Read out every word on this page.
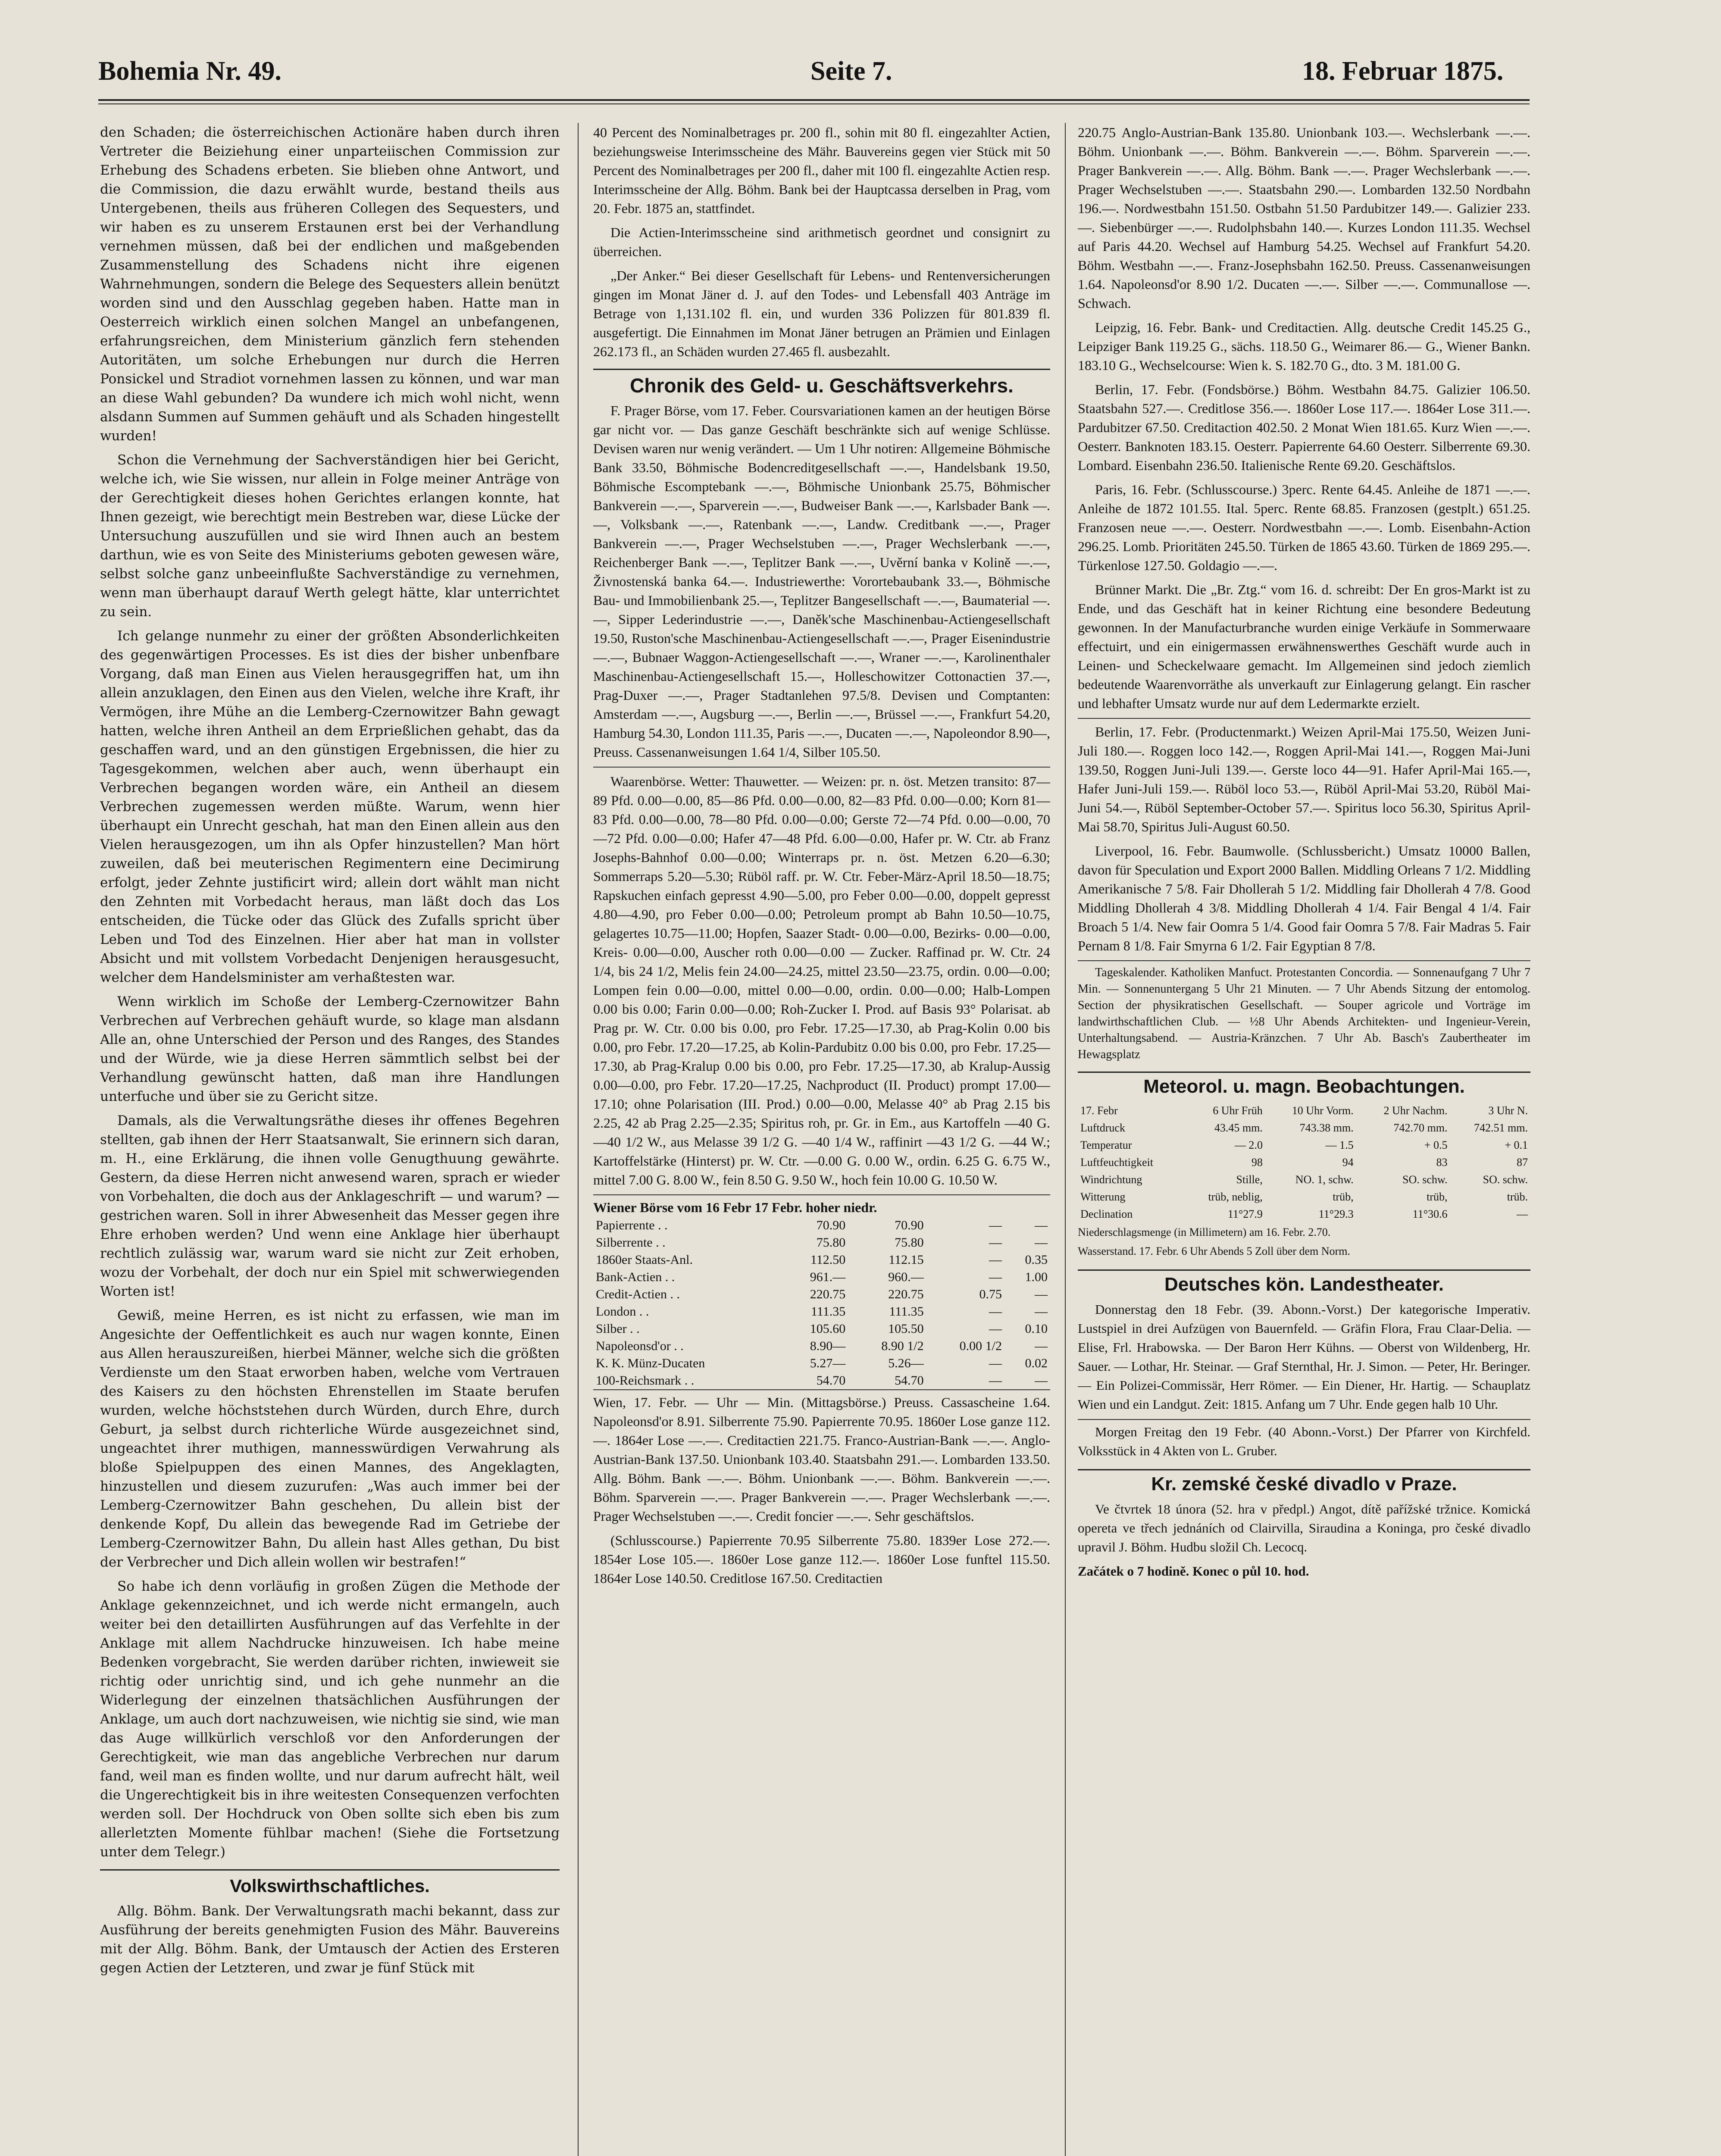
Bohemia Nr. 49.	Seite 7.	18. Februar 1875.

den Schaden; die österreichischen Actionäre haben durch ihren Vertreter die Beiziehung einer unparteiischen Commission zur Erhebung des Schadens erbeten. Sie blieben ohne Antwort, und die Commission, die dazu erwählt wurde, bestand theils aus Untergebenen, theils aus früheren Collegen des Sequesters, und wir haben es zu unserem Erstaunen erst bei der Verhandlung vernehmen müssen, daß bei der endlichen und maßgebenden Zusammenstellung des Schadens nicht ihre eigenen Wahrnehmungen, sondern die Belege des Sequesters allein benützt worden sind und den Ausschlag gegeben haben. Hatte man in Oesterreich wirklich einen solchen Mangel an unbefangenen, erfahrungsreichen, dem Ministerium gänzlich fern stehenden Autoritäten, um solche Erhebungen nur durch die Herren Ponsickel und Stradiot vornehmen lassen zu können, und war man an diese Wahl gebunden? Da wundere ich mich wohl nicht, wenn alsdann Summen auf Summen gehäuft und als Schaden hingestellt wurden!

Schon die Vernehmung der Sachverständigen hier bei Gericht, welche ich, wie Sie wissen, nur allein in Folge meiner Anträge von der Gerechtigkeit dieses hohen Gerichtes erlangen konnte, hat Ihnen gezeigt, wie berechtigt mein Bestreben war, diese Lücke der Untersuchung auszufüllen und sie wird Ihnen auch an bestem darthun, wie es von Seite des Ministeriums geboten gewesen wäre, selbst solche ganz unbeeinflußte Sachverständige zu vernehmen, wenn man überhaupt darauf Werth gelegt hätte, klar unterrichtet zu sein.

Ich gelange nunmehr zu einer der größten Absonderlichkeiten des gegenwärtigen Processes. Es ist dies der bisher unbenfbare Vorgang, daß man Einen aus Vielen herausgegriffen hat, um ihn allein anzuklagen, den Einen aus den Vielen, welche ihre Kraft, ihr Vermögen, ihre Mühe an die Lemberg-Czernowitzer Bahn gewagt hatten, welche ihren Antheil an dem Erprießlichen gehabt, das da geschaffen ward, und an den günstigen Ergebnissen, die hier zu Tagesgekommen, welchen aber auch, wenn überhaupt ein Verbrechen begangen worden wäre, ein Antheil an diesem Verbrechen zugemessen werden müßte. Warum, wenn hier überhaupt ein Unrecht geschah, hat man den Einen allein aus den Vielen herausgezogen, um ihn als Opfer hinzustellen? Man hört zuweilen, daß bei meuterischen Regimentern eine Decimirung erfolgt, jeder Zehnte justificirt wird; allein dort wählt man nicht den Zehnten mit Vorbedacht heraus, man läßt doch das Los entscheiden, die Tücke oder das Glück des Zufalls spricht über Leben und Tod des Einzelnen. Hier aber hat man in vollster Absicht und mit vollstem Vorbedacht Denjenigen herausgesucht, welcher dem Handelsminister am verhaßtesten war.

Wenn wirklich im Schoße der Lemberg-Czernowitzer Bahn Verbrechen auf Verbrechen gehäuft wurde, so klage man alsdann Alle an, ohne Unterschied der Person und des Ranges, des Standes und der Würde, wie ja diese Herren sämmtlich selbst bei der Verhandlung gewünscht hatten, daß man ihre Handlungen unterfuche und über sie zu Gericht sitze.

Damals, als die Verwaltungsräthe dieses ihr offenes Begehren stellten, gab ihnen der Herr Staatsanwalt, Sie erinnern sich daran, m. H., eine Erklärung, die ihnen volle Genugthuung gewährte. Gestern, da diese Herren nicht anwesend waren, sprach er wieder von Vorbehalten, die doch aus der Anklageschrift — und warum? — gestrichen waren. Soll in ihrer Abwesenheit das Messer gegen ihre Ehre erhoben werden? Und wenn eine Anklage hier überhaupt rechtlich zulässig war, warum ward sie nicht zur Zeit erhoben, wozu der Vorbehalt, der doch nur ein Spiel mit schwerwiegenden Worten ist!

Gewiß, meine Herren, es ist nicht zu erfassen, wie man im Angesichte der Oeffentlichkeit es auch nur wagen konnte, Einen aus Allen herauszureißen, hierbei Männer, welche sich die größten Verdienste um den Staat erworben haben, welche vom Vertrauen des Kaisers zu den höchsten Ehrenstellen im Staate berufen wurden, welche höchststehen durch Würden, durch Ehre, durch Geburt, ja selbst durch richterliche Würde ausgezeichnet sind, ungeachtet ihrer muthigen, mannesswürdigen Verwahrung als bloße Spielpuppen des einen Mannes, des Angeklagten, hinzustellen und diesem zuzurufen: „Was auch immer bei der Lemberg-Czernowitzer Bahn geschehen, Du allein bist der denkende Kopf, Du allein das bewegende Rad im Getriebe der Lemberg-Czernowitzer Bahn, Du allein hast Alles gethan, Du bist der Verbrecher und Dich allein wollen wir bestrafen!“

So habe ich denn vorläufig in großen Zügen die Methode der Anklage gekennzeichnet, und ich werde nicht ermangeln, auch weiter bei den detaillirten Ausführungen auf das Verfehlte in der Anklage mit allem Nachdrucke hinzuweisen. Ich habe meine Bedenken vorgebracht, Sie werden darüber richten, inwieweit sie richtig oder unrichtig sind, und ich gehe nunmehr an die Widerlegung der einzelnen thatsächlichen Ausführungen der Anklage, um auch dort nachzuweisen, wie nichtig sie sind, wie man das Auge willkürlich verschloß vor den Anforderungen der Gerechtigkeit, wie man das angebliche Verbrechen nur darum fand, weil man es finden wollte, und nur darum aufrecht hält, weil die Ungerechtigkeit bis in ihre weitesten Consequenzen verfochten werden soll. Der Hochdruck von Oben sollte sich eben bis zum allerletzten Momente fühlbar machen! (Siehe die Fortsetzung unter dem Telegr.)

Volkswirthschaftliches.

Allg. Böhm. Bank. Der Verwaltungsrath machi bekannt, dass zur Ausführung der bereits genehmigten Fusion des Mähr. Bauvereins mit der Allg. Böhm. Bank, der Umtausch der Actien des Ersteren gegen Actien der Letzteren, und zwar je fünf Stück mit

40 Percent des Nominalbetrages pr. 200 fl., sohin mit 80 fl. eingezahlter Actien, beziehungsweise Interimsscheine des Mähr. Bauvereins gegen vier Stück mit 50 Percent des Nominalbetrages per 200 fl., daher mit 100 fl. eingezahlte Actien resp. Interimsscheine der Allg. Böhm. Bank bei der Hauptcassa derselben in Prag, vom 20. Febr. 1875 an, stattfindet.

Die Actien-Interimsscheine sind arithmetisch geordnet und consignirt zu überreichen.

„Der Anker.“ Bei dieser Gesellschaft für Lebens- und Rentenversicherungen gingen im Monat Jäner d. J. auf den Todes- und Lebensfall 403 Anträge im Betrage von 1,131.102 fl. ein, und wurden 336 Polizzen für 801.839 fl. ausgefertigt. Die Einnahmen im Monat Jäner betrugen an Prämien und Einlagen 262.173 fl., an Schäden wurden 27.465 fl. ausbezahlt.

Chronik des Geld- u. Geschäftsverkehrs.

F. Prager Börse, vom 17. Feber. Coursvariationen kamen an der heutigen Börse gar nicht vor. — Das ganze Geschäft beschränkte sich auf wenige Schlüsse. Devisen waren nur wenig verändert. — Um 1 Uhr notiren: Allgemeine Böhmische Bank 33.50, Böhmische Bodencreditgesellschaft —.—, Handelsbank 19.50, Böhmische Escomptebank —.—, Böhmische Unionbank 25.75, Böhmischer Bankverein —.—, Sparverein —.—, Budweiser Bank —.—, Karlsbader Bank —.—, Volksbank —.—, Ratenbank —.—, Landw. Creditbank —.—, Prager Bankverein —.—, Prager Wechselstuben —.—, Prager Wechslerbank —.—, Reichenberger Bank —.—, Teplitzer Bank —.—, Uvěrní banka v Kolině —.—, Živnostenská banka 64.—. Industriewerthe: Vorortebaubank 33.—, Böhmische Bau- und Immobilienbank 25.—, Teplitzer Bangesellschaft —.—, Baumaterial —.—, Sipper Lederindustrie —.—, Daněk'sche Maschinenbau-Actiengesellschaft 19.50, Ruston'sche Maschinenbau-Actiengesellschaft —.—, Prager Eisenindustrie —.—, Bubnaer Waggon-Actiengesellschaft —.—, Wraner —.—, Karolinenthaler Maschinenbau-Actiengesellschaft 15.—, Holleschowitzer Cottonactien 37.—, Prag-Duxer —.—, Prager Stadtanlehen 97.5/8. Devisen und Comptanten: Amsterdam —.—, Augsburg —.—, Berlin —.—, Brüssel —.—, Frankfurt 54.20, Hamburg 54.30, London 111.35, Paris —.—, Ducaten —.—, Napoleondor 8.90—, Preuss. Cassenanweisungen 1.64 1/4, Silber 105.50.

Waarenbörse. Wetter: Thauwetter. — Weizen: pr. n. öst. Metzen transito: 87—89 Pfd. 0.00—0.00, 85—86 Pfd. 0.00—0.00, 82—83 Pfd. 0.00—0.00; Korn 81—83 Pfd. 0.00—0.00, 78—80 Pfd. 0.00—0.00; Gerste 72—74 Pfd. 0.00—0.00, 70—72 Pfd. 0.00—0.00; Hafer 47—48 Pfd. 6.00—0.00, Hafer pr. W. Ctr. ab Franz Josephs-Bahnhof 0.00—0.00; Winterraps pr. n. öst. Metzen 6.20—6.30; Sommerraps 5.20—5.30; Rüböl raff. pr. W. Ctr. Feber-März-April 18.50—18.75; Rapskuchen einfach gepresst 4.90—5.00, pro Feber 0.00—0.00, doppelt gepresst 4.80—4.90, pro Feber 0.00—0.00; Petroleum prompt ab Bahn 10.50—10.75, gelagertes 10.75—11.00; Hopfen, Saazer Stadt- 0.00—0.00, Bezirks- 0.00—0.00, Kreis- 0.00—0.00, Auscher roth 0.00—0.00 — Zucker. Raffinad pr. W. Ctr. 24 1/4, bis 24 1/2, Melis fein 24.00—24.25, mittel 23.50—23.75, ordin. 0.00—0.00; Lompen fein 0.00—0.00, mittel 0.00—0.00, ordin. 0.00—0.00; Halb-Lompen 0.00 bis 0.00; Farin 0.00—0.00; Roh-Zucker I. Prod. auf Basis 93° Polarisat. ab Prag pr. W. Ctr. 0.00 bis 0.00, pro Febr. 17.25—17.30, ab Prag-Kolin 0.00 bis 0.00, pro Febr. 17.20—17.25, ab Kolin-Pardubitz 0.00 bis 0.00, pro Febr. 17.25—17.30, ab Prag-Kralup 0.00 bis 0.00, pro Febr. 17.25—17.30, ab Kralup-Aussig 0.00—0.00, pro Febr. 17.20—17.25, Nachproduct (II. Product) prompt 17.00—17.10; ohne Polarisation (III. Prod.) 0.00—0.00, Melasse 40° ab Prag 2.15 bis 2.25, 42 ab Prag 2.25—2.35; Spiritus roh, pr. Gr. in Em., aus Kartoffeln —40 G. —40 1/2 W., aus Melasse 39 1/2 G. —40 1/4 W., raffinirt —43 1/2 G. —44 W.; Kartoffelstärke (Hinterst) pr. W. Ctr. —0.00 G. 0.00 W., ordin. 6.25 G. 6.75 W., mittel 7.00 G. 8.00 W., fein 8.50 G. 9.50 W., hoch fein 10.00 G. 10.50 W.

Wiener Börse vom 16 Febr 17 Febr. hoher niedr.
Papierrente . .	70.90	70.90	—	—
Silberrente . .	75.80	75.80	—	—
1860er Staats-Anl.	112.50	112.15	—	0.35
Bank-Actien . .	961.—	960.—	—	1.00
Credit-Actien . .	220.75	220.75	0.75	—
London . .	111.35	111.35	—	—
Silber . .	105.60	105.50	—	0.10
Napoleonsd'or . .	8.90—	8.90 1/2	0.00 1/2	—
K. K. Münz-Ducaten	5.27—	5.26—	—	0.02
100-Reichsmark . .	54.70	54.70	—	—

Wien, 17. Febr. — Uhr — Min. (Mittagsbörse.) Preuss. Cassascheine 1.64. Napoleonsd'or 8.91. Silberrente 75.90. Papierrente 70.95. 1860er Lose ganze 112.—. 1864er Lose —.—. Creditactien 221.75. Franco-Austrian-Bank —.—. Anglo-Austrian-Bank 137.50. Unionbank 103.40. Staatsbahn 291.—. Lombarden 133.50. Allg. Böhm. Bank —.—. Böhm. Unionbank —.—. Böhm. Bankverein —.—. Böhm. Sparverein —.—. Prager Bankverein —.—. Prager Wechslerbank —.—. Prager Wechselstuben —.—. Credit fonc​ier —.—. Sehr geschäftslos.

(Schlusscourse.) Papierrente 70.95 Silberrente 75.80. 1839er Lose 272.—. 1854er Lose 105.—. 1860er Lose ganze 112.—. 1860er Lose funftel 115.50. 1864er Lose 140.50. Credit​lose 167.50. Creditactien

220.75 Anglo-Austrian-Bank 135.80. Unionbank 103.—. Wechslerbank —.—. Böhm. Unionbank —.—. Böhm. Bankverein —.—. Böhm. Sparverein —.—. Prager Bankverein —.—. Allg. Böhm. Bank —.—. Prager Wechslerbank —.—. Prager Wechselstuben —.—. Staatsbahn 290.—. Lombarden 132.50 Nordbahn 196.—. Nordwestbahn 151.50. Ostbahn 51.50 Pardubitzer 149.—. Galizier 233.—. Siebenbürger —.—. Rudolphsbahn 140.—. Kurzes London 111.35. Wechsel auf Paris 44.20. Wechsel auf Hamburg 54.25. Wechsel auf Frankfurt 54.20. Böhm. Westbahn —.—. Franz-Josephsbahn 162.50. Preuss. Cassenanweisungen 1.64. Napoleonsd'or 8.90 1/2. Ducaten —.—. Silber —.—. Communallose —. Schwach.

Leipzig, 16. Febr. Bank- und Creditactien. Allg. deutsche Credit 145.25 G., Leipziger Bank 119.25 G., sächs. 118.50 G., Weimarer 86.— G., Wiener Bankn. 183.10 G., Wechselcourse: Wien k. S. 182.70 G., dto. 3 M. 181.00 G.

Berlin, 17. Febr. (Fondsbörse.) Böhm. Westbahn 84.75. Galizier 106.50. Staatsbahn 527.—. Creditlose 356.—. 1860er Lose 117.—. 1864er Lose 311.—. Pardubitzer 67.50. Creditaction 402.50. 2 Monat Wien 181.65. Kurz Wien —.—. Oesterr. Banknoten 183.15. Oesterr. Papierrente 64.60 Oesterr. Silberrente 69.30. Lombard. Eisenbahn 236.50. Italienische Rente 69.20. Geschäftslos.

Paris, 16. Febr. (Schlusscourse.) 3perc. Rente 64.45. Anleihe de 1871 —.—. Anleihe de 1872 101.55. Ital. 5perc. Rente 68.85. Franzosen (gestplt.) 651.25. Franzosen neue —.—. Oesterr. Nordwestbahn —.—. Lomb. Eisenbahn-Action 296.25. Lomb. Prioritäten 245.50. Türken de 1865 43.60. Türken de 1869 295.—. Türkenlose 127.50. Goldagio —.—.

Brünner Markt. Die „Br. Ztg.“ vom 16. d. schreibt: Der En gros-Markt ist zu Ende, und das Geschäft hat in keiner Richtung eine besondere Bedeutung gewonnen. In der Manufacturbranche wurden einige Verkäufe in Sommerwaare effectuirt, und ein einigermassen erwähnenswerthes Geschäft wurde auch in Leinen- und Scheckelwaare gemacht. Im Allgemeinen sind jedoch ziemlich bedeutende Waarenvorräthe als unverkauft zur Einlagerung gelangt. Ein rascher und lebhafter Umsatz wurde nur auf dem Ledermarkte erzielt.

Berlin, 17. Febr. (Productenmarkt.) Weizen April-Mai 175.50, Weizen Juni-Juli 180.—. Roggen loco 142.—, Roggen April-Mai 141.—, Roggen Mai-Juni 139.50, Roggen Juni-Juli 139.—. Gerste loco 44—91. Hafer April-Mai 165.—, Hafer Juni-Juli 159.—. Rüböl loco 53.—, Rüböl April-Mai 53.20, Rüböl Mai-Juni 54.—, Rüböl September-October 57.—. Spiritus loco 56.30, Spiritus April-Mai 58.70, Spiritus Juli-August 60.50.

Liverpool, 16. Febr. Baumwolle. (Schlussbericht.) Umsatz 10000 Ballen, davon für Speculation und Export 2000 Ballen. Middling Orleans 7 1/2. Middling Amerikanische 7 5/8. Fair Dhollerah 5 1/2. Middling fair Dhollerah 4 7/8. Good Middling Dhollerah 4 3/8. Middling Dhollerah 4 1/4. Fair Bengal 4 1/4. Fair Broach 5 1/4. New fair Oomra 5 1/4. Good fair Oomra 5 7/8. Fair Madras 5. Fair Pernam 8 1/8. Fair Smyrna 6 1/2. Fair Egyptian 8 7/8.

Tageskalender. Katholiken Manfuct. Protestanten Concordia. — Sonnenaufgang 7 Uhr 7 Min. — Sonnenuntergang 5 Uhr 21 Minuten. — 7 Uhr Abends Sitzung der entomolog. Section der physikratischen Gesellschaft. — Souper agricole und Vorträge im landwirthschaftlichen Club. — ½8 Uhr Abends Architekten- und Ingenieur-Verein, Unterhaltungsabend. — Austria-Kränzchen. 7 Uhr Ab. Basch's Zaubertheater im Hewagsplatz

Meteorol. u. magn. Beobachtungen.
17. Febr	6 Uhr Früh	10 Uhr Vorm.	2 Uhr Nachm.	3 Uhr N.
Luftdruck	43.45 mm.	743.38 mm.	742.70 mm.	742.51 mm.
Temperatur	— 2.0	— 1.5	+ 0.5	+ 0.1
Luftfeuchtigkeit	98	94	83	87
Windrichtung	Stille,	NO. 1, schw.	SO. schw.	SO. schw.
Witterung	trüb, neblig,	trüb,	trüb,	trüb.
Declination	11°27.9	11°29.3	11°30.6	—
Niederschlagsmenge (in Millimetern) am 16. Febr. 2.70.
Wasserstand. 17. Febr. 6 Uhr Abends 5 Zoll über dem Norm.
Deutsches kön. Landestheater.

Donnerstag den 18 Febr. (39. Abonn.-Vorst.) Der kategorische Imperativ. Lustspiel in drei Aufzügen von Bauernfeld. — Gräfin Flora, Frau Claar-Delia. — Elise, Frl. Hrabowska. — Der Baron Herr Kühns. — Oberst von Wildenberg, Hr. Sauer. — Lothar, Hr. Steinar. — Graf Sternthal, Hr. J. Simon. — Peter, Hr. Beringer. — Ein Polizei-Commissär, Herr Römer. — Ein Diener, Hr. Hartig. — Schauplatz Wien und ein Landgut. Zeit: 1815. Anfang um 7 Uhr. Ende gegen halb 10 Uhr.

Morgen Freitag den 19 Febr. (40 Abonn.-Vorst.) Der Pfarrer von Kirchfeld. Volksstück in 4 Akten von L. Gruber.

Kr. zemské české divadlo v Praze.

Ve čtvrtek 18 února (52. hra v předpl.) Angot, dítě pařížské tržnice. Komická opereta ve třech jednáních od Clairvilla, Siraudina a Koninga, pro české divadlo upravil J. Böhm. Hudbu složil Ch. Lecocq.

Začátek o 7 hodině. Konec o půl 10. hod.
